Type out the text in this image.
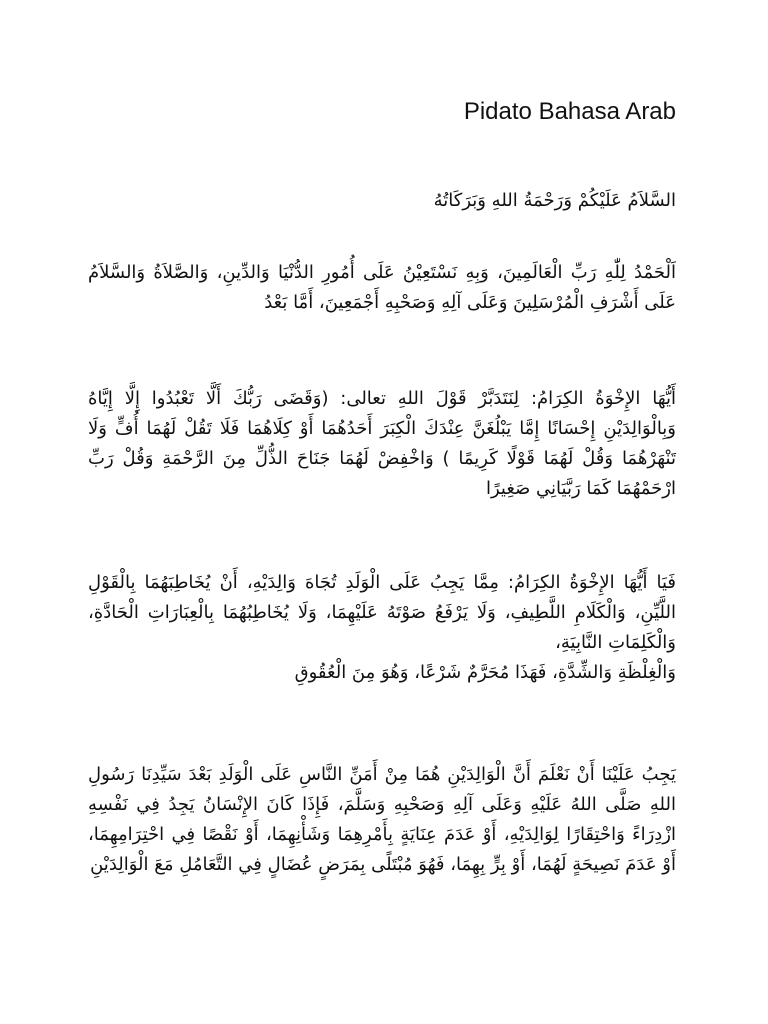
Pidato Bahasa Arab

السَّلاَمُ عَلَيْكُمْ وَرَحْمَةُ اللهِ وَبَرَكَاتُهُ

اَلْحَمْدُ لِلّٰهِ رَبِّ الْعَالَمِينَ، وَبِهِ نَسْتَعِيْنُ عَلَى أُمُورِ الدُّنْيَا وَالدِّينِ، وَالصَّلاَةُ وَالسَّلاَمُ عَلَى أَشْرَفِ الْمُرْسَلِينَ وَعَلَى آلِهِ وَصَحْبِهِ أَجْمَعِينَ، أَمَّا بَعْدُ

أَيُّهَا الإِخْوَةُ الكِرَامُ: لِنَتَدَبَّرْ قَوْلَ اللهِ تعالى: (وَقَضَى رَبُّكَ أَلَّا تَعْبُدُوا إِلَّا إِيَّاهُ وَبِالْوَالِدَيْنِ إِحْسَانًا إِمَّا يَبْلُغَنَّ عِنْدَكَ الْكِبَرَ أَحَدُهُمَا أَوْ كِلَاهُمَا فَلَا تَقُلْ لَهُمَا أُفٍّ وَلَا تَنْهَرْهُمَا وَقُلْ لَهُمَا قَوْلًا كَرِيمًا ) وَاخْفِضْ لَهُمَا جَنَاحَ الذُّلِّ مِنَ الرَّحْمَةِ وَقُلْ رَبِّ ارْحَمْهُمَا كَمَا رَبَّيَانِي صَغِيرًا

فَيَا أَيُّهَا الإِخْوَةُ الكِرَامُ: مِمَّا يَجِبُ عَلَى الْوَلَدِ تُجَاهَ وَالِدَيْهِ، أَنْ يُخَاطِبَهُمَا بِالْقَوْلِ اللَّيِّنِ، وَالْكَلَامِ اللَّطِيفِ، وَلَا يَرْفَعُ صَوْتَهُ عَلَيْهِمَا، وَلَا يُخَاطِبُهُمَا بِالْعِبَارَاتِ الْحَادَّةِ، وَالْكَلِمَاتِ النَّابِيَةِ،

وَالْغِلْظَةِ وَالشِّدَّةِ، فَهَذَا مُحَرَّمٌ شَرْعًا، وَهُوَ مِنَ الْعُقُوقِ

يَجِبُ عَلَيْنَا أَنْ نَعْلَمَ أَنَّ الْوَالِدَيْنِ هُمَا مِنْ أَمَنِّ النَّاسِ عَلَى الْوَلَدِ بَعْدَ سَيِّدِنَا رَسُولِ اللهِ صَلَّى اللهُ عَلَيْهِ وَعَلَى آلِهِ وَصَحْبِهِ وَسَلَّمَ، فَإِذَا كَانَ الإِنْسَانُ يَجِدُ فِي نَفْسِهِ ازْدِرَاءً وَاحْتِقَارًا لِوَالِدَيْهِ، أَوْ عَدَمَ عِنَايَةٍ بِأَمْرِهِمَا وَشَأْنِهِمَا، أَوْ نَقْصًا فِي احْتِرَامِهِمَا، أَوْ عَدَمَ نَصِيحَةٍ لَهُمَا، أَوْ بِرٍّ بِهِمَا، فَهُوَ مُبْتَلًى بِمَرَضٍ عُضَالٍ فِي التَّعَامُلِ مَعَ الْوَالِدَيْنِ
